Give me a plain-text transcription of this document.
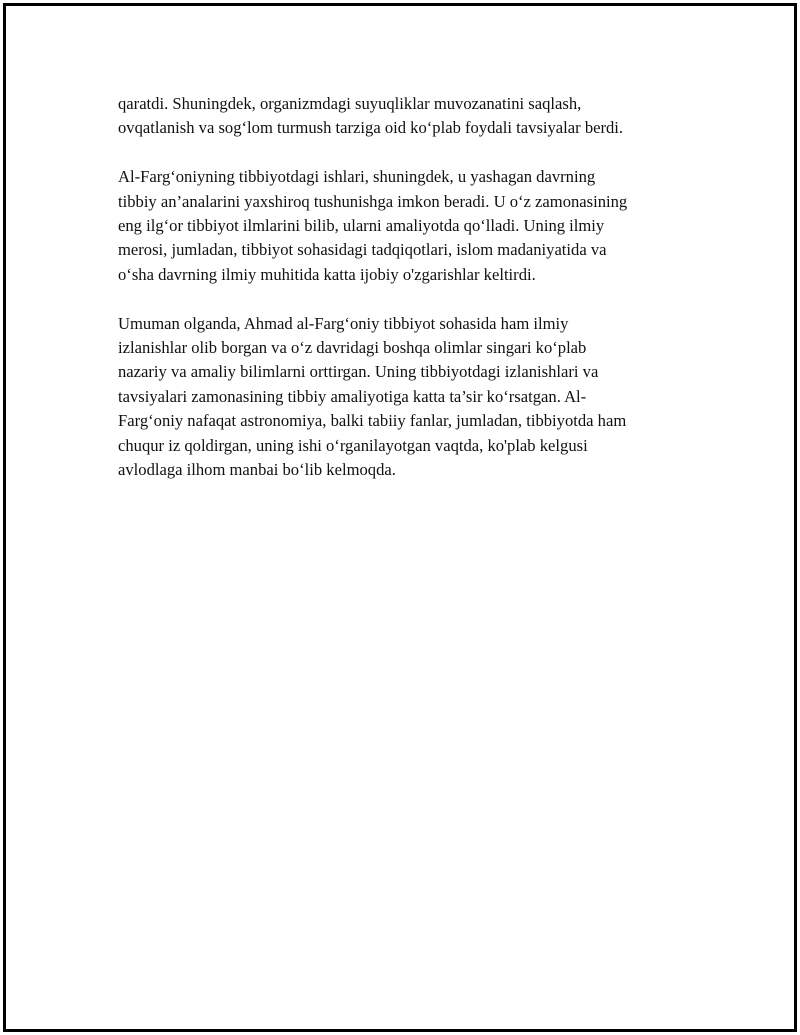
qaratdi. Shuningdek, organizmdagi suyuqliklar muvozanatini saqlash,
ovqatlanish va sog‘lom turmush tarziga oid ko‘plab foydali tavsiyalar berdi.

Al-Farg‘oniyning tibbiyotdagi ishlari, shuningdek, u yashagan davrning
tibbiy an’analarini yaxshiroq tushunishga imkon beradi. U o‘z zamonasining
eng ilg‘or tibbiyot ilmlarini bilib, ularni amaliyotda qo‘lladi. Uning ilmiy
merosi, jumladan, tibbiyot sohasidagi tadqiqotlari, islom madaniyatida va
o‘sha davrning ilmiy muhitida katta ijobiy o'zgarishlar keltirdi.

Umuman olganda, Ahmad al-Farg‘oniy tibbiyot sohasida ham ilmiy
izlanishlar olib borgan va o‘z davridagi boshqa olimlar singari ko‘plab
nazariy va amaliy bilimlarni orttirgan. Uning tibbiyotdagi izlanishlari va
tavsiyalari zamonasining tibbiy amaliyotiga katta ta’sir ko‘rsatgan. Al-
Farg‘oniy nafaqat astronomiya, balki tabiiy fanlar, jumladan, tibbiyotda ham
chuqur iz qoldirgan, uning ishi o‘rganilayotgan vaqtda, ko'plab kelgusi
avlodlaga ilhom manbai bo‘lib kelmoqda.
